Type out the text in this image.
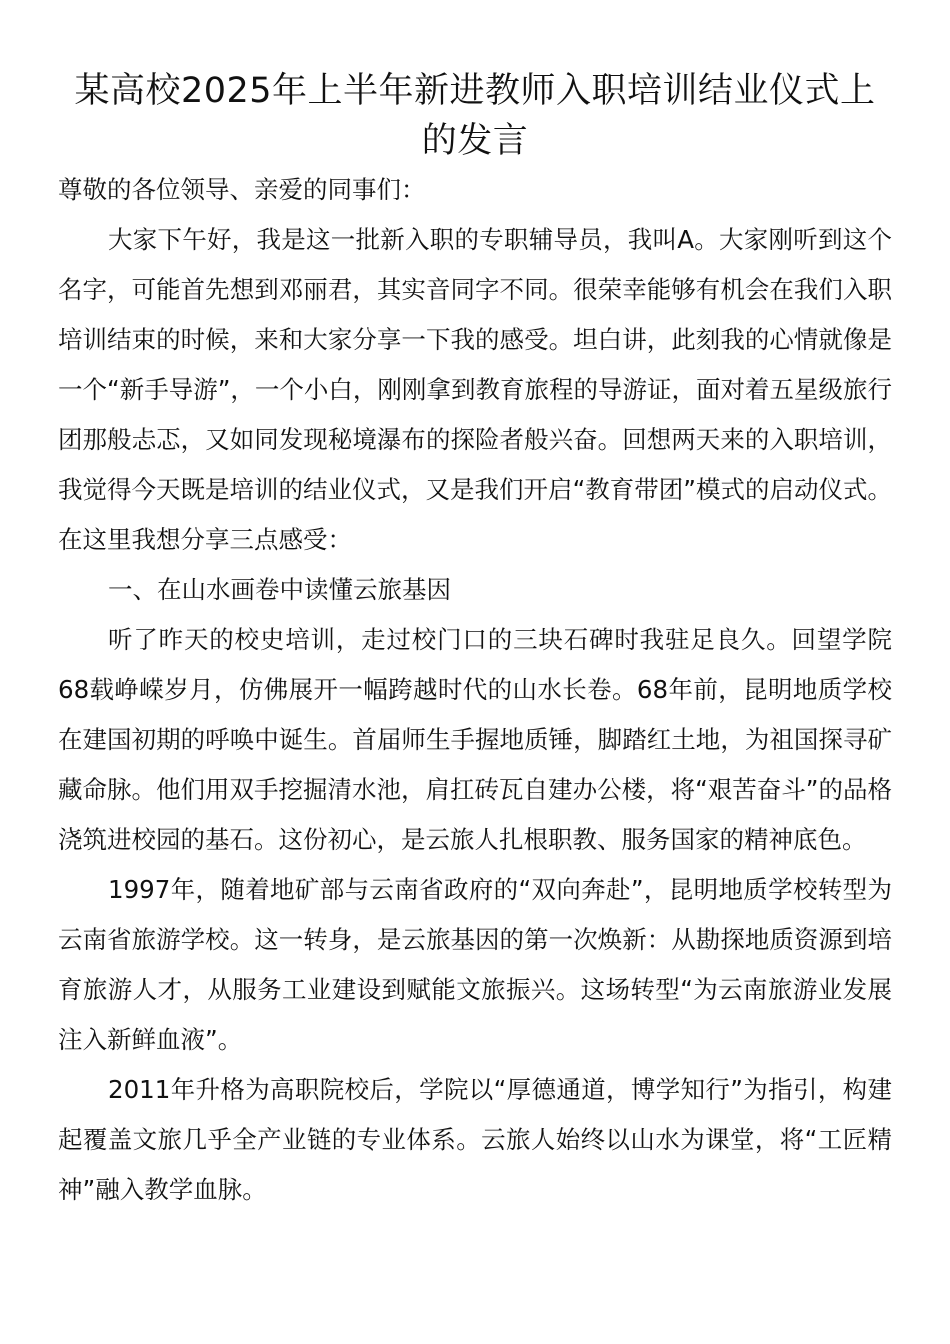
某高校2025年上半年新进教师入职培训结业仪式上的发言

尊敬的各位领导、亲爱的同事们：

大家下午好，我是这一批新入职的专职辅导员，我叫A。大家刚听到这个名字，可能首先想到邓丽君，其实音同字不同。很荣幸能够有机会在我们入职培训结束的时候，来和大家分享一下我的感受。坦白讲，此刻我的心情就像是一个“新手导游”，一个小白，刚刚拿到教育旅程的导游证，面对着五星级旅行团那般忐忑，又如同发现秘境瀑布的探险者般兴奋。回想两天来的入职培训，我觉得今天既是培训的结业仪式，又是我们开启“教育带团”模式的启动仪式。在这里我想分享三点感受：

一、在山水画卷中读懂云旅基因

听了昨天的校史培训，走过校门口的三块石碑时我驻足良久。回望学院68载峥嵘岁月，仿佛展开一幅跨越时代的山水长卷。68年前，昆明地质学校在建国初期的呼唤中诞生。首届师生手握地质锤，脚踏红土地，为祖国探寻矿藏命脉。他们用双手挖掘清水池，肩扛砖瓦自建办公楼，将“艰苦奋斗”的品格浇筑进校园的基石。这份初心，是云旅人扎根职教、服务国家的精神底色。

1997年，随着地矿部与云南省政府的“双向奔赴”，昆明地质学校转型为云南省旅游学校。这一转身，是云旅基因的第一次焕新：从勘探地质资源到培育旅游人才，从服务工业建设到赋能文旅振兴。这场转型“为云南旅游业发展注入新鲜血液”。

2011年升格为高职院校后，学院以“厚德通道，博学知行”为指引，构建起覆盖文旅几乎全产业链的专业体系。云旅人始终以山水为课堂，将“工匠精神”融入教学血脉。
